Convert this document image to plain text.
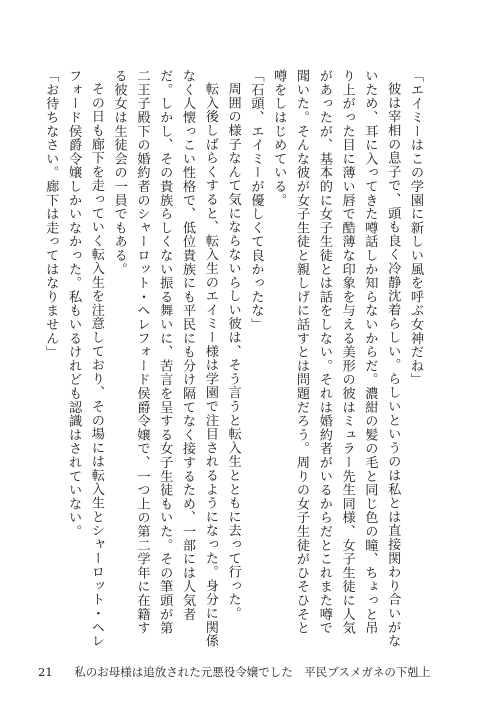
「エイミーはこの学園に新しい風を呼ぶ女神だね」

彼は宰相の息子で、頭も良く冷静沈着らしい。らしいというのは私とは直接関わり合いがないため、耳に入ってきた噂話しか知らないからだ。濃紺の髪の毛と同じ色の瞳、ちょっと吊り上がった目に薄い唇で酷薄な印象を与える美形の彼はミュラー先生同様、女子生徒に人気があったが、基本的に女子生徒とは話をしない。それは婚約者がいるからだとこれまた噂で聞いた。そんな彼が女子生徒と親しげに話すとは問題だろう。周りの女子生徒がひそひそと噂をしはじめている。

「石頭、エイミーが優しくて良かったな」

周囲の様子なんて気にならないらしい彼は、そう言うと転入生とともに去って行った。

転入後しばらくすると、転入生のエイミー様は学園で注目されるようになった。身分に関係なく人懐っこい性格で、低位貴族にも平民にも分け隔てなく接するため、一部には人気者だ。しかし、その貴族らしくない振る舞いに、苦言を呈する女子生徒もいた。その筆頭が第二王子殿下の婚約者のシャーロット・ヘレフォード侯爵令嬢で、一つ上の第二学年に在籍する彼女は生徒会の一員でもある。

その日も廊下を走っていく転入生を注意しており、その場には転入生とシャーロット・ヘレフォード侯爵令嬢しかいなかった。私もいるけれども認識はされていない。

「お待ちなさい。廊下は走ってはなりません」

21 私のお母様は追放された元悪役令嬢でした　平民ブスメガネの下剋上
